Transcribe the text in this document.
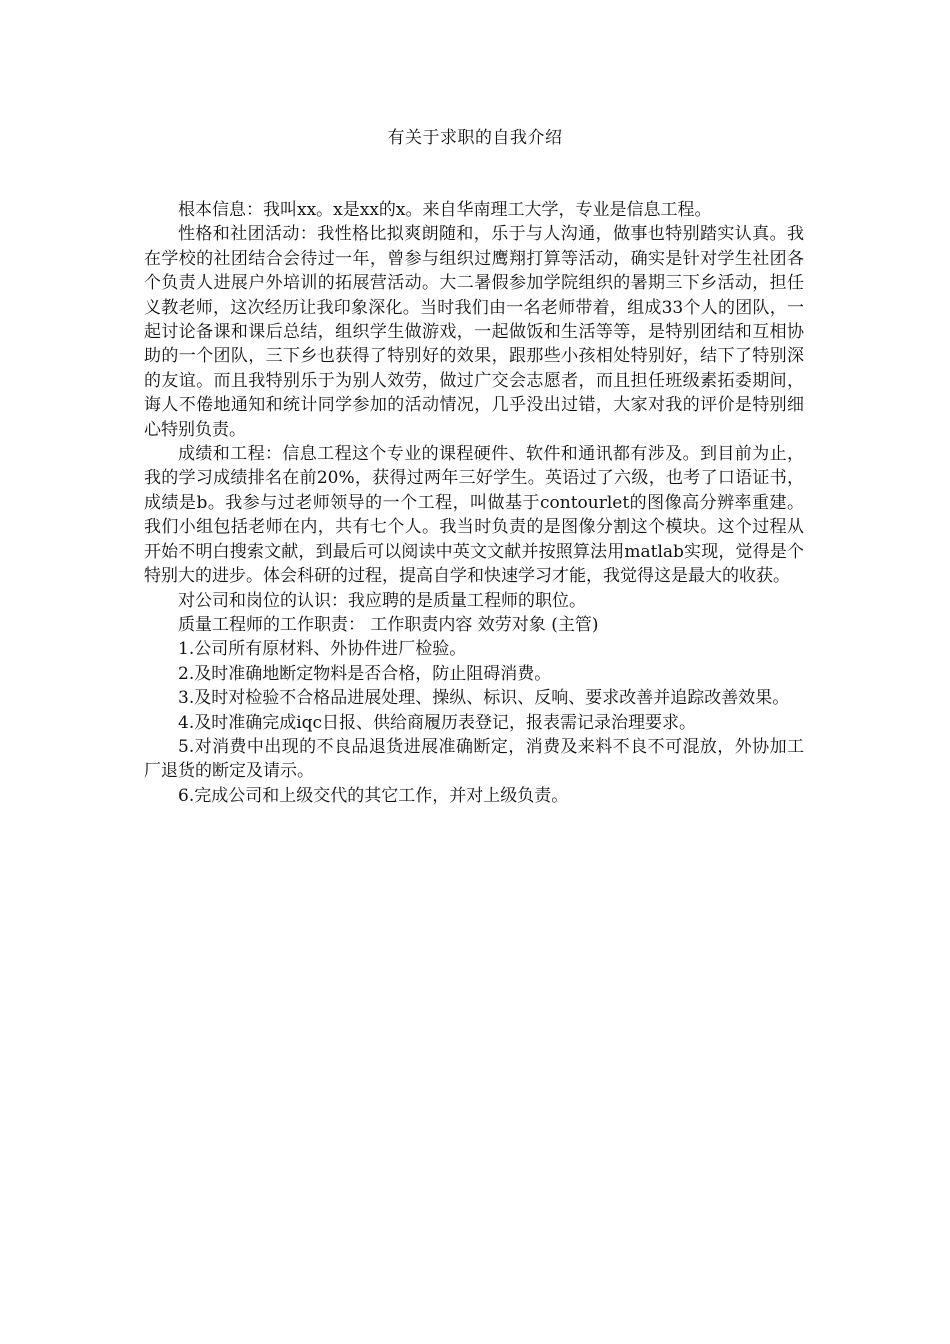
有关于求职的自我介绍

根本信息：我叫xx。x是xx的x。来自华南理工大学，专业是信息工程。

性格和社团活动：我性格比拟爽朗随和，乐于与人沟通，做事也特别踏实认真。我在学校的社团结合会待过一年，曾参与组织过鹰翔打算等活动，确实是针对学生社团各个负责人进展户外培训的拓展营活动。大二暑假参加学院组织的暑期三下乡活动，担任义教老师，这次经历让我印象深化。当时我们由一名老师带着，组成33个人的团队，一起讨论备课和课后总结，组织学生做游戏，一起做饭和生活等等，是特别团结和互相协助的一个团队，三下乡也获得了特别好的效果，跟那些小孩相处特别好，结下了特别深的友谊。而且我特别乐于为别人效劳，做过广交会志愿者，而且担任班级素拓委期间，诲人不倦地通知和统计同学参加的活动情况，几乎没出过错，大家对我的评价是特别细心特别负责。

成绩和工程：信息工程这个专业的课程硬件、软件和通讯都有涉及。到目前为止，我的学习成绩排名在前20%，获得过两年三好学生。英语过了六级，也考了口语证书，成绩是b。我参与过老师领导的一个工程，叫做基于contourlet的图像高分辨率重建。我们小组包括老师在内，共有七个人。我当时负责的是图像分割这个模块。这个过程从开始不明白搜索文献，到最后可以阅读中英文文献并按照算法用matlab实现，觉得是个特别大的进步。体会科研的过程，提高自学和快速学习才能，我觉得这是最大的收获。

对公司和岗位的认识：我应聘的是质量工程师的职位。

质量工程师的工作职责： 工作职责内容 效劳对象 (主管)

1.公司所有原材料、外协件进厂检验。

2.及时准确地断定物料是否合格，防止阻碍消费。

3.及时对检验不合格品进展处理、操纵、标识、反响、要求改善并追踪改善效果。

4.及时准确完成iqc日报、供给商履历表登记，报表需记录治理要求。

5.对消费中出现的不良品退货进展准确断定，消费及来料不良不可混放，外协加工厂退货的断定及请示。

6.完成公司和上级交代的其它工作，并对上级负责。
